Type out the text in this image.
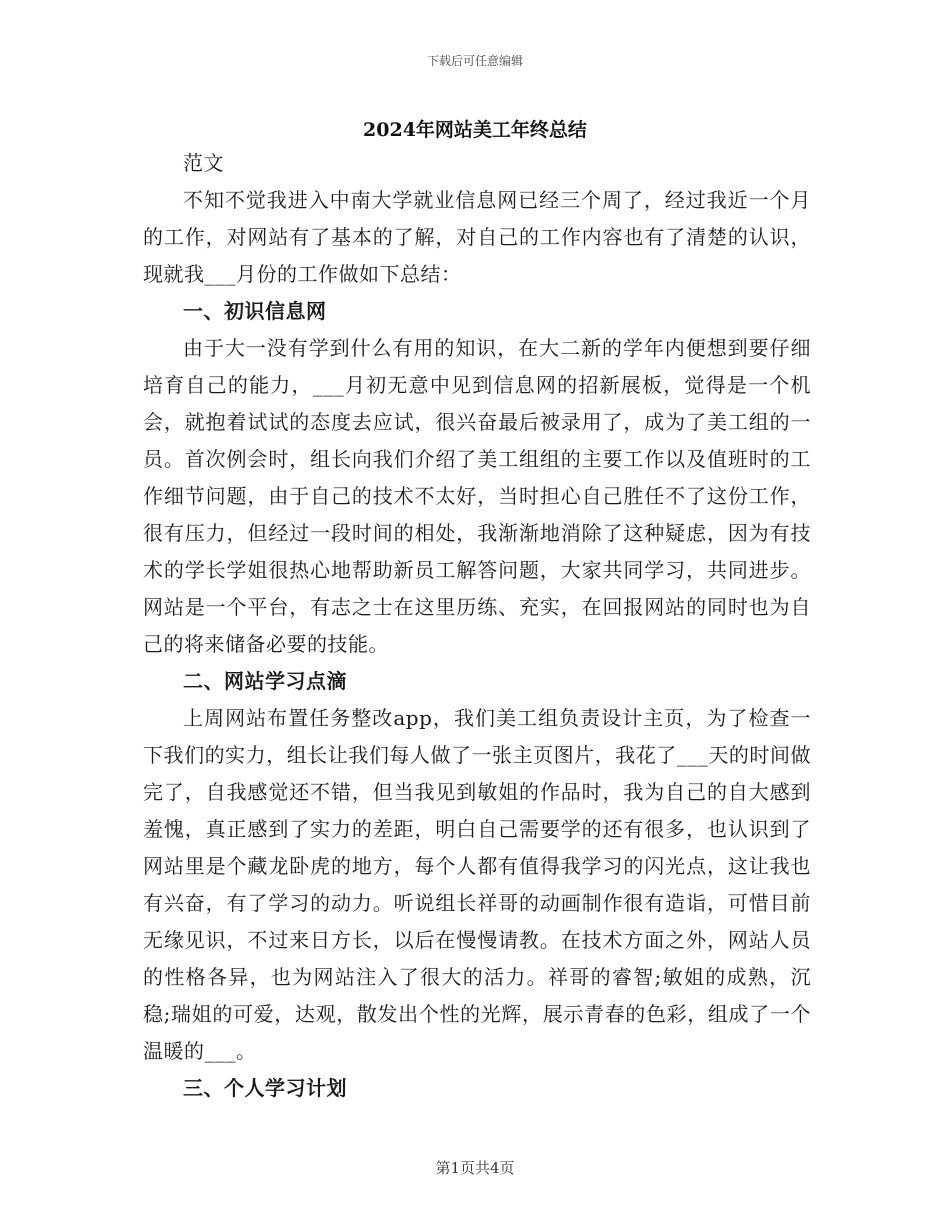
下载后可任意编辑
2024年网站美工年终总结

范文

不知不觉我进入中南大学就业信息网已经三个周了，经过我近一个月的工作，对网站有了基本的了解，对自己的工作内容也有了清楚的认识，现就我___月份的工作做如下总结：

一、初识信息网

由于大一没有学到什么有用的知识，在大二新的学年内便想到要仔细培育自己的能力，___月初无意中见到信息网的招新展板，觉得是一个机会，就抱着试试的态度去应试，很兴奋最后被录用了，成为了美工组的一员。首次例会时，组长向我们介绍了美工组组的主要工作以及值班时的工作细节问题，由于自己的技术不太好，当时担心自己胜任不了这份工作，很有压力，但经过一段时间的相处，我渐渐地消除了这种疑虑，因为有技术的学长学姐很热心地帮助新员工解答问题，大家共同学习，共同进步。网站是一个平台，有志之士在这里历练、充实，在回报网站的同时也为自己的将来储备必要的技能。

二、网站学习点滴

上周网站布置任务整改app，我们美工组负责设计主页，为了检查一下我们的实力，组长让我们每人做了一张主页图片，我花了___天的时间做完了，自我感觉还不错，但当我见到敏姐的作品时，我为自己的自大感到羞愧，真正感到了实力的差距，明白自己需要学的还有很多，也认识到了网站里是个藏龙卧虎的地方，每个人都有值得我学习的闪光点，这让我也有兴奋，有了学习的动力。听说组长祥哥的动画制作很有造诣，可惜目前无缘见识，不过来日方长，以后在慢慢请教。在技术方面之外，网站人员的性格各异，也为网站注入了很大的活力。祥哥的睿智;敏姐的成熟，沉稳;瑞姐的可爱，达观，散发出个性的光辉，展示青春的色彩，组成了一个温暖的___。

三、个人学习计划

第1页共4页
